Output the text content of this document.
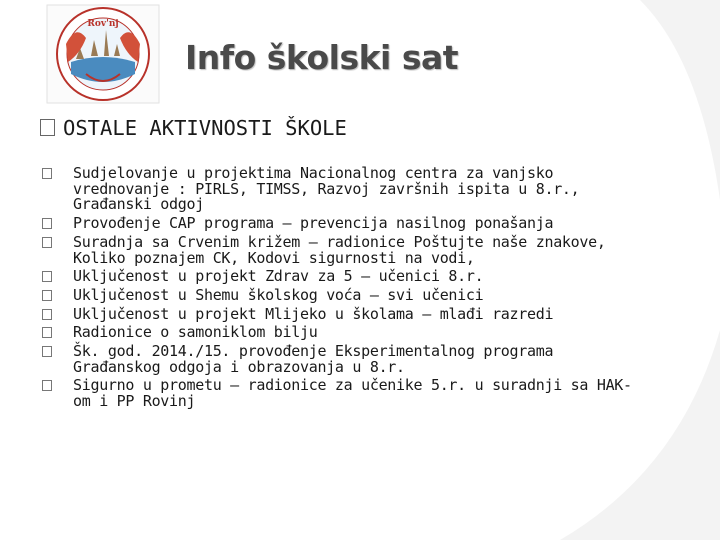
Rov'nj
Info školski sat
OSTALE AKTIVNOSTI ŠKOLE
Sudjelovanje u projektima Nacionalnog centra za vanjsko
vrednovanje : PIRLS, TIMSS, Razvoj završnih ispita u 8.r.,
Građanski odgoj
Provođenje CAP programa – prevencija nasilnog ponašanja
Suradnja sa Crvenim križem – radionice Poštujte naše znakove,
Koliko poznajem CK, Kodovi sigurnosti na vodi,
Uključenost u projekt Zdrav za 5 – učenici 8.r.
Uključenost u Shemu školskog voća – svi učenici
Uključenost u projekt Mlijeko u školama – mlađi razredi
Radionice o samoniklom bilju
Šk. god. 2014./15. provođenje Eksperimentalnog programa
Građanskog odgoja i obrazovanja u 8.r.
Sigurno u prometu – radionice za učenike 5.r. u suradnji sa HAK-
om i PP Rovinj
